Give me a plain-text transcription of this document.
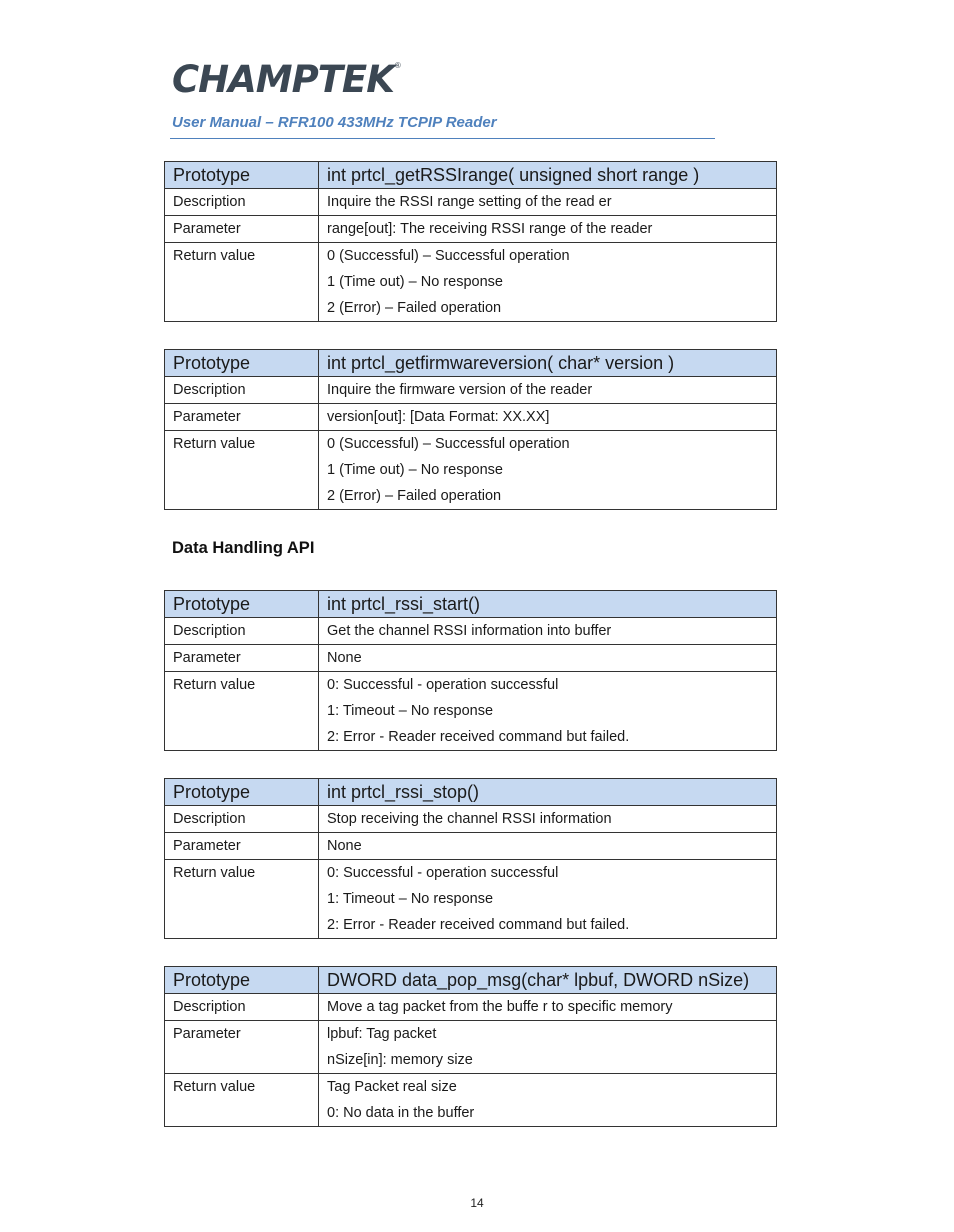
CHAMPTEK ®
User Manual – RFR100 433MHz TCPIP Reader
Prototype	int prtcl_getRSSIrange( unsigned short range )
Description	Inquire the RSSI range setting of the read er
Parameter	range[out]: The receiving RSSI range of the reader

Return value	0 (Successful) – Successful operation
1 (Time out) – No response
2 (Error) – Failed operation
Prototype	int prtcl_getfirmwareversion( char* version )
Description	Inquire the firmware version of the reader
Parameter	version[out]: [Data Format: XX.XX]

Return value	0 (Successful) – Successful operation
1 (Time out) – No response
2 (Error) – Failed operation
Data Handling API
Prototype	int prtcl_rssi_start()
Description	Get the channel RSSI information into buffer
Parameter	None

Return value	0: Successful - operation successful
1: Timeout – No response
2: Error - Reader received command but failed.
Prototype	int prtcl_rssi_stop()
Description	Stop receiving the channel RSSI information
Parameter	None

Return value	0: Successful - operation successful
1: Timeout – No response
2: Error - Reader received command but failed.
Prototype	DWORD data_pop_msg(char* lpbuf, DWORD nSize)
Description	Move a tag packet from the buffe r to specific memory
Parameter	lpbuf: Tag packet
nSize[in]: memory size

Return value	Tag Packet real size
0: No data in the buffer
14
